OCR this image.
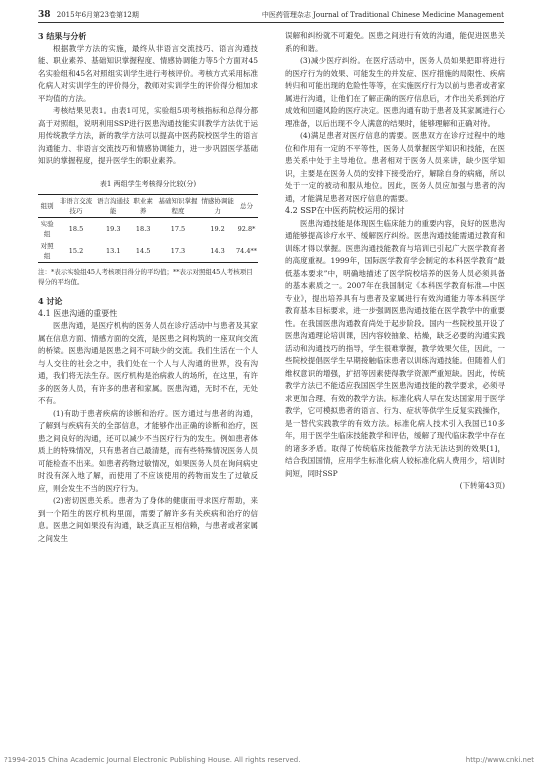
38 2015年6月第23卷第12期	中医药管理杂志 Journal of Traditional Chinese Medicine Management
3 结果与分析

根据教学方法的实施，最终从非语言交流技巧、语言沟通技能、职业素养、基础知识掌握程度、情感协调能力等5个方面对45名实验组和45名对照组实训学生进行考核评价。考核方式采用标准化病人对实训学生的评价得分，教师对实训学生的评价得分相加求平均值的方法。

考核结果见表1。由表1可见，实验组5项考核指标和总得分都高于对照组，说明利用SSP进行医患沟通技能实训教学方法优于运用传统教学方法，新的教学方法可以提高中医药院校医学生的语言沟通能力、非语言交流技巧和情感协调能力，进一步巩固医学基础知识的掌握程度，提升医学生的职业素养。

表1 两组学生考核得分比较(分)
组别	非语言交流技巧	语言沟通技能	职业素养	基础知识掌握程度	情感协调能力	总分
实验组	18.5	19.3	18.3	17.5	19.2	92.8*
对照组	15.2	13.1	14.5	17.3	14.3	74.4**
注：*表示实验组45人考核项目得分的平均值；**表示对照组45人考核项目得分的平均值。
4 讨论
4.1 医患沟通的重要性

医患沟通，是医疗机构的医务人员在诊疗活动中与患者及其家属在信息方面、情感方面的交流，是医患之间构筑的一座双向交流的桥梁。医患沟通是医患之间不可缺少的交流。我们生活在一个人与人交往的社会之中，我们处在一个人与人沟通的世界，没有沟通，我们将无法生存。医疗机构是治病救人的场所，在这里，有许多的医务人员，有许多的患者和家属。医患沟通，无时不在，无处不有。

(1)有助于患者疾病的诊断和治疗。医方通过与患者的沟通，了解到与疾病有关的全部信息，才能够作出正确的诊断和治疗，医患之间良好的沟通，还可以减少不当医疗行为的发生。例如患者体质上的特殊情况，只有患者自己最清楚，而有些特殊情况医务人员可能检查不出来。如患者药物过敏情况，如果医务人员在询问病史时没有深入地了解，而使用了不应该使用的药物而发生了过敏反应，则会发生不当的医疗行为。

(2)密切医患关系。患者为了身体的健康而寻求医疗帮助，来到一个陌生的医疗机构里面，需要了解许多有关疾病和治疗的信息。医患之间如果没有沟通，缺乏真正互相信赖，与患者或者家属之间发生

误解和纠纷就不可避免。医患之间进行有效的沟通，能促进医患关系的和谐。

(3)减少医疗纠纷。在医疗活动中，医务人员如果把即将进行的医疗行为的效果、可能发生的并发症、医疗措施的局限性、疾病转归和可能出现的危险性等等，在实施医疗行为以前与患者或者家属进行沟通，让他们在了解正确的医疗信息后，才作出关系到治疗成效和回避风险的医疗决定。医患沟通有助于患者及其家属进行心理准备，以后出现不令人满意的结果时，能够理解和正确对待。

(4)满足患者对医疗信息的需要。医患双方在诊疗过程中的地位和作用有一定的不平等性，医务人员掌握医学知识和技能，在医患关系中处于主导地位。患者相对于医务人员来讲，缺少医学知识，主要是在医务人员的安排下接受治疗，解除自身的病痛，所以处于一定的被动和服从地位。因此，医务人员应加强与患者的沟通，才能满足患者对医疗信息的需要。

4.2 SSP在中医药院校运用的探讨

医患沟通技能是体现医生临床能力的重要内容，良好的医患沟通能够提高诊疗水平、缓解医疗纠纷。医患沟通技能需通过教育和训练才得以掌握。医患沟通技能教育与培训已引起广大医学教育者的高度重视。1999年，国际医学教育学会制定的本科医学教育“最低基本要求”中，明确地描述了医学院校培养的医务人员必须具备的基本素质之一。2007年在我国制定《本科医学教育标准—中医专业》，提出培养具有与患者及家属进行有效沟通能力等本科医学教育基本目标要求，进一步强调医患沟通技能在医学教学中的重要性。在我国医患沟通教育尚处于起步阶段。国内一些院校虽开设了医患沟通理论培训课，因内容较抽象、枯燥，缺乏必要的沟通实践活动和沟通技巧的指导，学生很难掌握，教学效果欠佳，因此，一些院校提倡医学生早期接触临床患者以训练沟通技能。但随着人们维权意识的增强，扩招等因素使得教学资源严重短缺。因此，传统教学方法已不能适应我国医学生医患沟通技能的教学要求，必须寻求更加合理、有效的教学方法。标准化病人早在发达国家用于医学教学，它可模拟患者的语言、行为、症状等供学生反复实践操作，是一替代实践教学的有效方法。标准化病人技术引入我国已10多年，用于医学生临床技能教学和评估，缓解了现代临床教学中存在的诸多矛盾。取得了传统临床技能教学方法无法达到的效果[1]，结合我国国情，应用学生标准化病人较标准化病人费用少，培训时间短，同时SSP

(下转第43页)
?1994-2015 China Academic Journal Electronic Publishing House. All rights reserved.	http://www.cnki.net
